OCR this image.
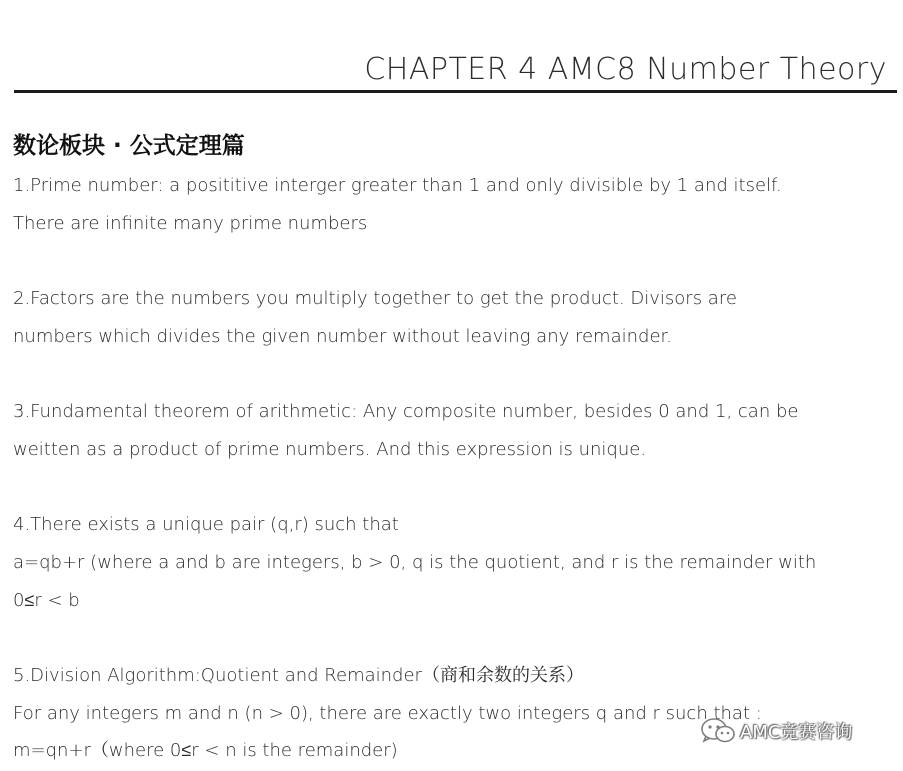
CHAPTER 4 AMC8 Number Theory
数论板块 · 公式定理篇
1.Prime number: a posititive interger greater than 1 and only divisible by 1 and itself.
There are infinite many prime numbers
2.Factors are the numbers you multiply together to get the product. Divisors are
numbers which divides the given number without leaving any remainder.
3.Fundamental theorem of arithmetic: Any composite number, besides 0 and 1, can be
weitten as a product of prime numbers. And this expression is unique.
4.There exists a unique pair (q,r) such that
a=qb+r (where a and b are integers, b > 0, q is the quotient, and r is the remainder with
0≤r < b
5.Division Algorithm:Quotient and Remainder（商和余数的关系）
For any integers m and n (n > 0), there are exactly two integers q and r such that :
m=qn+r（where 0≤r < n is the remainder)
AMC竞赛咨询
